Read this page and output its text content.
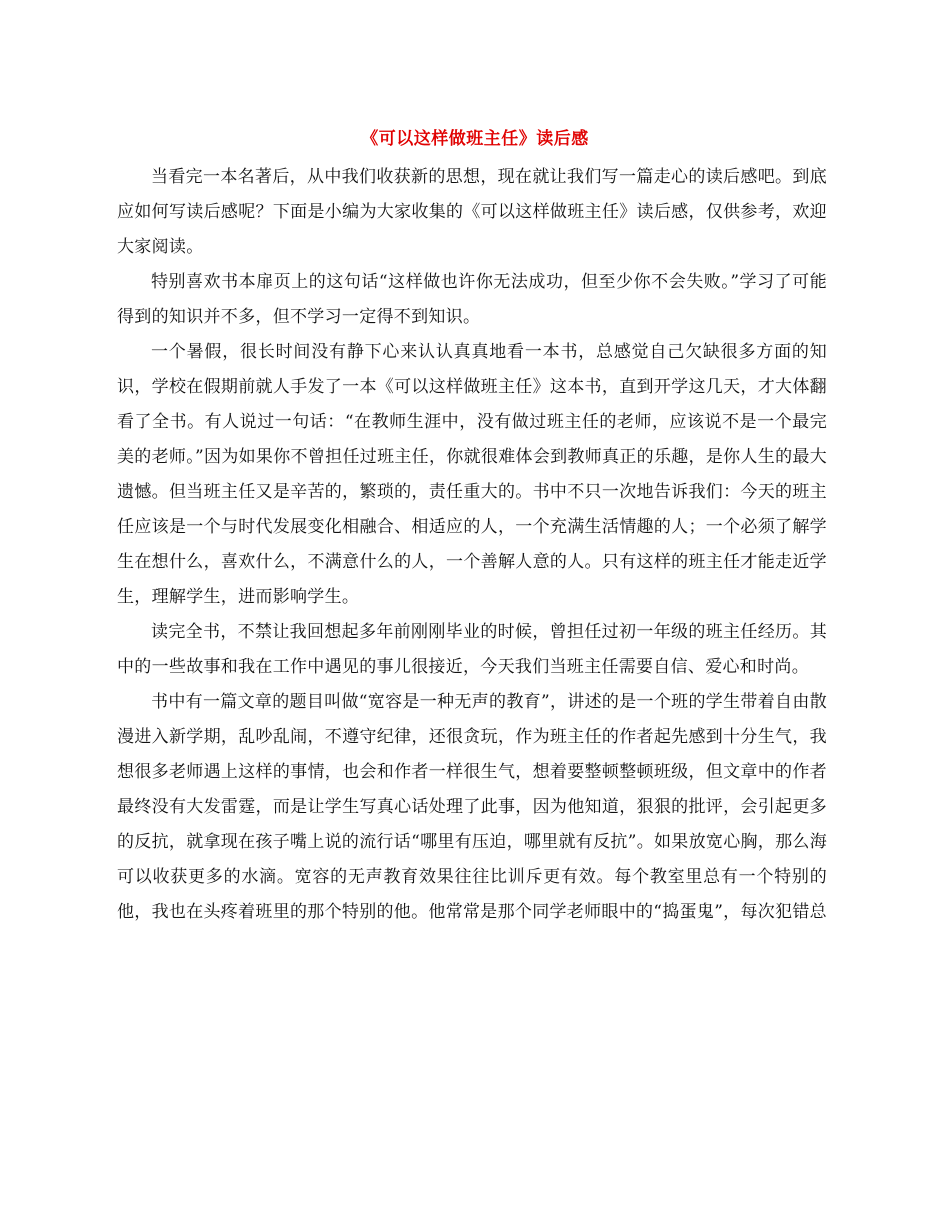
《可以这样做班主任》读后感

当看完一本名著后，从中我们收获新的思想，现在就让我们写一篇走心的读后感吧。到底应如何写读后感呢？下面是小编为大家收集的《可以这样做班主任》读后感，仅供参考，欢迎大家阅读。

特别喜欢书本扉页上的这句话“这样做也许你无法成功，但至少你不会失败。”学习了可能得到的知识并不多，但不学习一定得不到知识。

一个暑假，很长时间没有静下心来认认真真地看一本书，总感觉自己欠缺很多方面的知识，学校在假期前就人手发了一本《可以这样做班主任》这本书，直到开学这几天，才大体翻看了全书。有人说过一句话：“在教师生涯中，没有做过班主任的老师，应该说不是一个最完美的老师。”因为如果你不曾担任过班主任，你就很难体会到教师真正的乐趣，是你人生的最大遗憾。但当班主任又是辛苦的，繁琐的，责任重大的。书中不只一次地告诉我们：今天的班主任应该是一个与时代发展变化相融合、相适应的人，一个充满生活情趣的人；一个必须了解学生在想什么，喜欢什么，不满意什么的人，一个善解人意的人。只有这样的班主任才能走近学生，理解学生，进而影响学生。

读完全书，不禁让我回想起多年前刚刚毕业的时候，曾担任过初一年级的班主任经历。其中的一些故事和我在工作中遇见的事儿很接近，今天我们当班主任需要自信、爱心和时尚。

书中有一篇文章的题目叫做“宽容是一种无声的教育”，讲述的是一个班的学生带着自由散漫进入新学期，乱吵乱闹，不遵守纪律，还很贪玩，作为班主任的作者起先感到十分生气，我想很多老师遇上这样的事情，也会和作者一样很生气，想着要整顿整顿班级，但文章中的作者最终没有大发雷霆，而是让学生写真心话处理了此事，因为他知道，狠狠的批评，会引起更多的反抗，就拿现在孩子嘴上说的流行话“哪里有压迫，哪里就有反抗”。如果放宽心胸，那么海可以收获更多的水滴。宽容的无声教育效果往往比训斥更有效。每个教室里总有一个特别的他，我也在头疼着班里的那个特别的他。他常常是那个同学老师眼中的“捣蛋鬼”，每次犯错总
